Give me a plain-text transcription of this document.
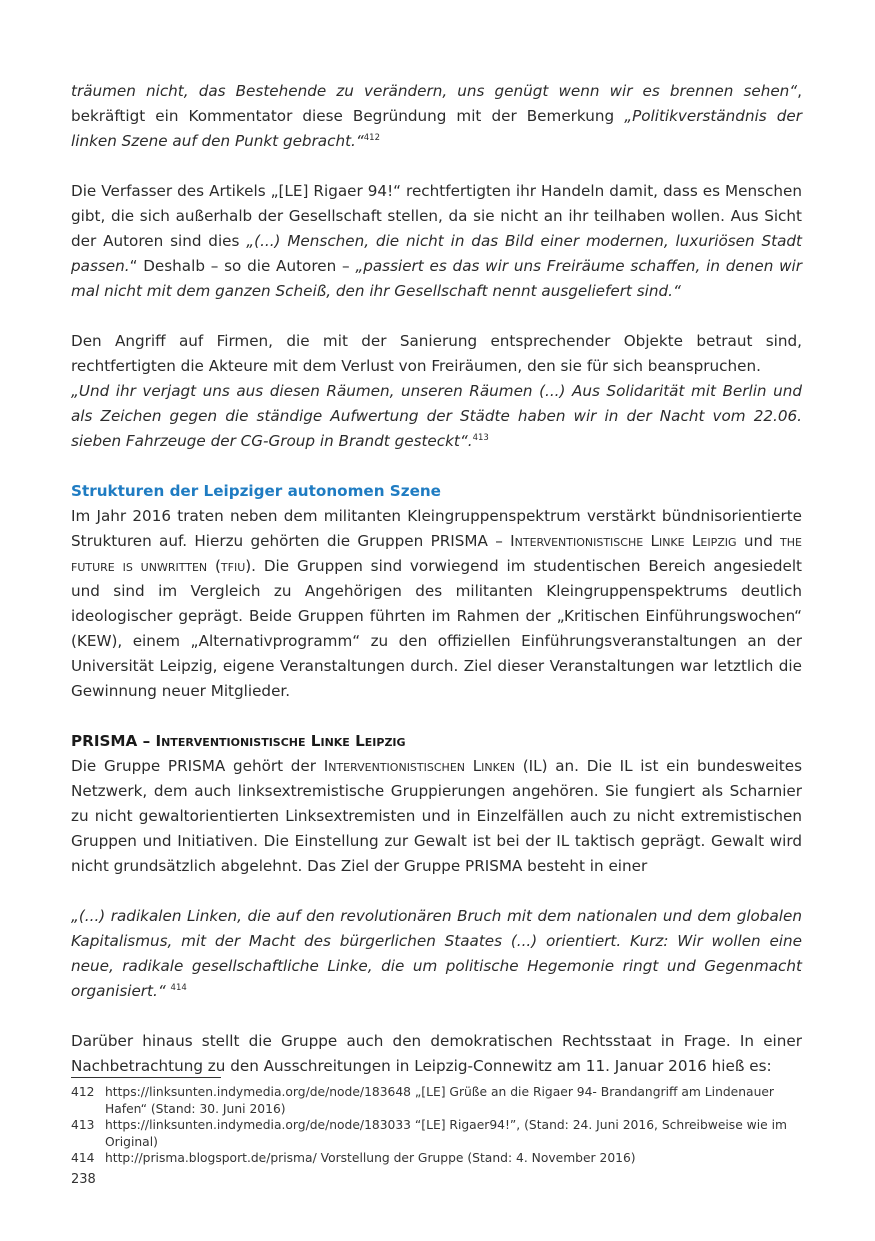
träumen nicht, das Bestehende zu verändern, uns genügt wenn wir es brennen sehen“, bekräftigt ein Kommentator diese Begründung mit der Bemerkung „Politikverständnis der linken Szene auf den Punkt gebracht.“$^{412}$

Die Verfasser des Artikels „[LE] Rigaer 94!“ rechtfertigten ihr Handeln damit, dass es Menschen gibt, die sich außerhalb der Gesellschaft stellen, da sie nicht an ihr teilhaben wollen. Aus Sicht der Autoren sind dies „(...) Menschen, die nicht in das Bild einer modernen, luxuriösen Stadt passen.“ Deshalb – so die Autoren – „passiert es das wir uns Freiräume schaffen, in denen wir mal nicht mit dem ganzen Scheiß, den ihr Gesellschaft nennt ausgeliefert sind.“

Den Angriff auf Firmen, die mit der Sanierung entsprechender Objekte betraut sind, rechtfertigten die Akteure mit dem Verlust von Freiräumen, den sie für sich beanspruchen.

„Und ihr verjagt uns aus diesen Räumen, unseren Räumen (...) Aus Solidarität mit Berlin und als Zeichen gegen die ständige Aufwertung der Städte haben wir in der Nacht vom 22.06. sieben Fahrzeuge der CG-Group in Brandt gesteckt“.$^{413}$

Strukturen der Leipziger autonomen Szene

Im Jahr 2016 traten neben dem militanten Kleingruppenspektrum verstärkt bündnisorientierte Strukturen auf. Hierzu gehörten die Gruppen PRISMA – Interventionistische Linke Leipzig und the future is unwritten (tfiu). Die Gruppen sind vorwiegend im studentischen Bereich angesiedelt und sind im Vergleich zu Angehörigen des militanten Kleingruppenspektrums deutlich ideologischer geprägt. Beide Gruppen führten im Rahmen der „Kritischen Einführungswochen“ (KEW), einem „Alternativprogramm“ zu den offiziellen Einführungsveranstaltungen an der Universität Leipzig, eigene Veranstaltungen durch. Ziel dieser Veranstaltungen war letztlich die Gewinnung neuer Mitglieder.

PRISMA – Interventionistische Linke Leipzig

Die Gruppe PRISMA gehört der Interventionistischen Linken (IL) an. Die IL ist ein bundesweites Netzwerk, dem auch linksextremistische Gruppierungen angehören. Sie fungiert als Scharnier zu nicht gewaltorientierten Linksextremisten und in Einzelfällen auch zu nicht extremistischen Gruppen und Initiativen. Die Einstellung zur Gewalt ist bei der IL taktisch geprägt. Gewalt wird nicht grundsätzlich abgelehnt. Das Ziel der Gruppe PRISMA besteht in einer

„(...) radikalen Linken, die auf den revolutionären Bruch mit dem nationalen und dem globalen Kapitalismus, mit der Macht des bürgerlichen Staates (...) orientiert. Kurz: Wir wollen eine neue, radikale gesellschaftliche Linke, die um politische Hegemonie ringt und Gegenmacht organisiert.“ $^{414}$

Darüber hinaus stellt die Gruppe auch den demokratischen Rechtsstaat in Frage. In einer Nachbetrachtung zu den Ausschreitungen in Leipzig-Connewitz am 11. Januar 2016 hieß es:

412 https://linksunten.indymedia.org/de/node/183648 „[LE] Grüße an die Rigaer 94- Brandangriff am Lindenauer Hafen“ (Stand: 30. Juni 2016)
413 https://linksunten.indymedia.org/de/node/183033 “[LE] Rigaer94!”, (Stand: 24. Juni 2016, Schreibweise wie im Original)
414 http://prisma.blogsport.de/prisma/ Vorstellung der Gruppe (Stand: 4. November 2016)
238
